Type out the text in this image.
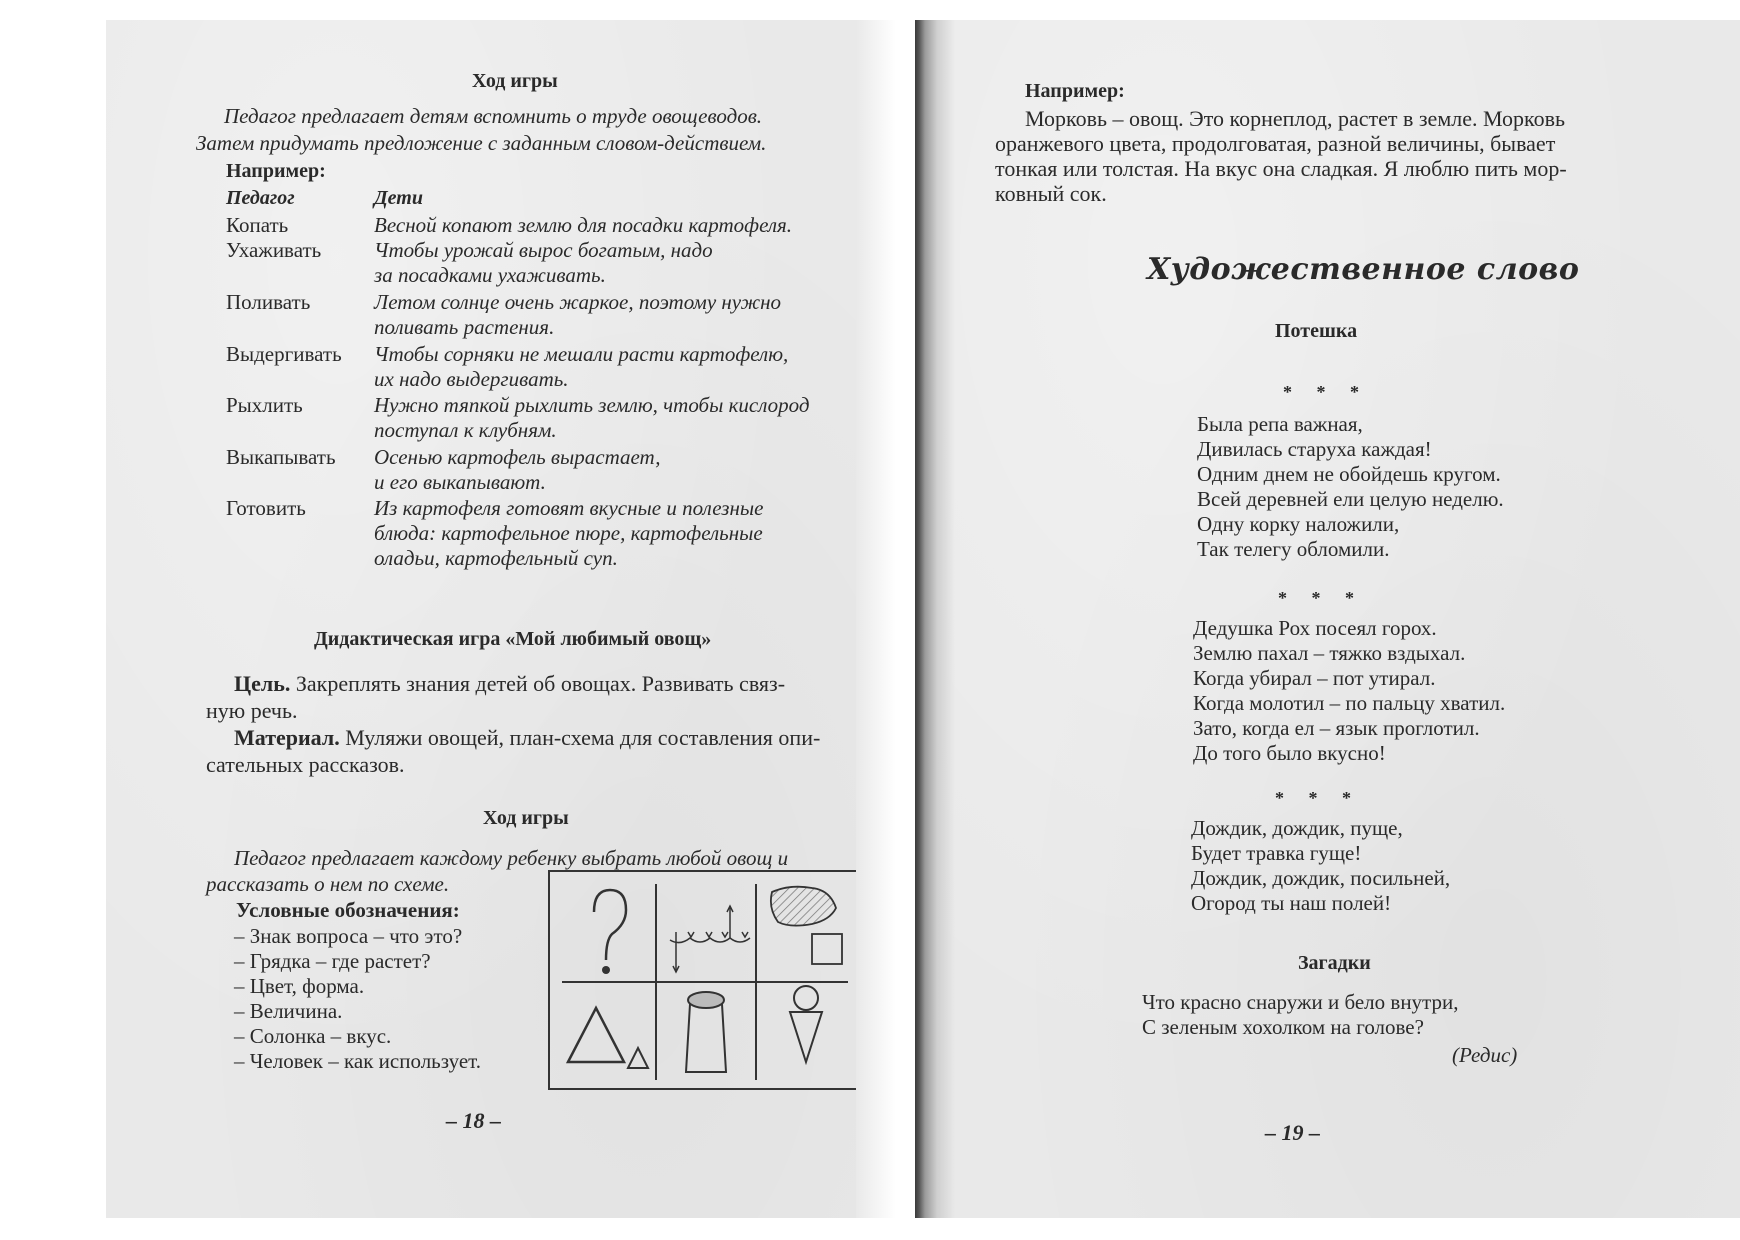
Ход игры
Педагог предлагает детям вспомнить о труде овощеводов.
Затем придумать предложение с заданным словом-действием.
Например:
Педагог	Дети
Копать	Весной копают землю для посадки картофеля.
Ухаживать	Чтобы урожай вырос богатым, надо
за посадками ухаживать.
Поливать	Летом солнце очень жаркое, поэтому нужно
поливать растения.
Выдергивать	Чтобы сорняки не мешали расти картофелю,
их надо выдергивать.
Рыхлить	Нужно тяпкой рыхлить землю, чтобы кислород
поступал к клубням.
Выкапывать	Осенью картофель вырастает,
и его выкапывают.
Готовить	Из картофеля готовят вкусные и полезные
блюда: картофельное пюре, картофельные
оладьи, картофельный суп.
Дидактическая игра «Мой любимый овощ»
Цель. Закреплять знания детей об овощах. Развивать связ-
ную речь.
Материал. Муляжи овощей, план-схема для составления опи-
сательных рассказов.
Ход игры
Педагог предлагает каждому ребенку выбрать любой овощ и
рассказать о нем по схеме.
Условные обозначения:
– Знак вопроса – что это?
– Грядка – где растет?
– Цвет, форма.
– Величина.
– Солонка – вкус.
– Человек – как использует.
– 18 –
Например:
Морковь – овощ. Это корнеплод, растет в земле. Морковь
оранжевого цвета, продолговатая, разной величины, бывает
тонкая или толстая. На вкус она сладкая. Я люблю пить мор-
ковный сок.
Художественное слово
Потешка
* * *
Была репа важная,
Дивилась старуха каждая!
Одним днем не обойдешь кругом.
Всей деревней ели целую неделю.
Одну корку наложили,
Так телегу обломили.
* * *
Дедушка Рох посеял горох.
Землю пахал – тяжко вздыхал.
Когда убирал – пот утирал.
Когда молотил – по пальцу хватил.
Зато, когда ел – язык проглотил.
До того было вкусно!
* * *
Дождик, дождик, пуще,
Будет травка гуще!
Дождик, дождик, посильней,
Огород ты наш полей!
Загадки
Что красно снаружи и бело внутри,
С зеленым хохолком на голове?
(Редис)
– 19 –
